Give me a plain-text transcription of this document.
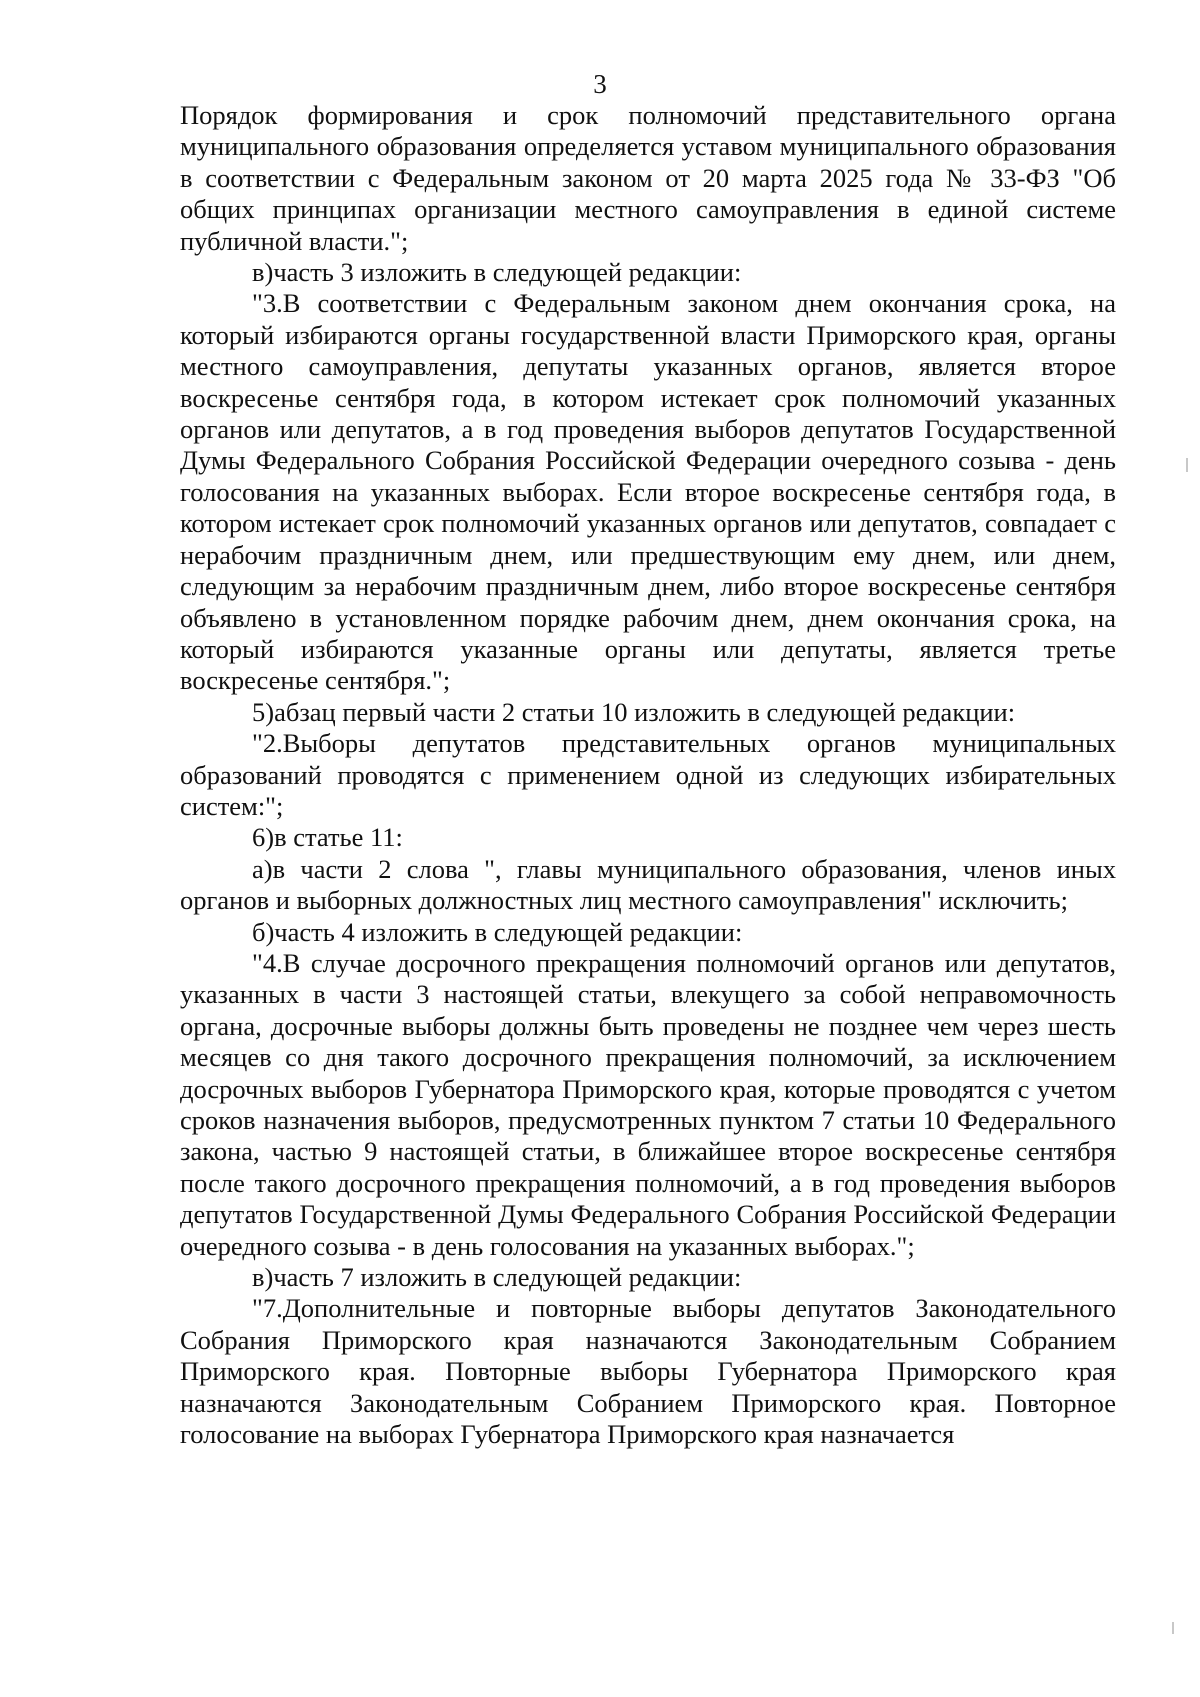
3

Порядок формирования и срок полномочий представительного органа муниципального образования определяется уставом муниципального образования в соответствии с Федеральным законом от 20 марта 2025 года № 33-ФЗ "Об общих принципах организации местного самоуправления в единой системе публичной власти.";

в)часть 3 изложить в следующей редакции:

"3.В соответствии с Федеральным законом днем окончания срока, на который избираются органы государственной власти Приморского края, органы местного самоуправления, депутаты указанных органов, является второе воскресенье сентября года, в котором истекает срок полномочий указанных органов или депутатов, а в год проведения выборов депутатов Государственной Думы Федерального Собрания Российской Федерации очередного созыва - день голосования на указанных выборах. Если второе воскресенье сентября года, в котором истекает срок полномочий указанных органов или депутатов, совпадает с нерабочим праздничным днем, или предшествующим ему днем, или днем, следующим за нерабочим праздничным днем, либо второе воскресенье сентября объявлено в установленном порядке рабочим днем, днем окончания срока, на который избираются указанные органы или депутаты, является третье воскресенье сентября.";

5)абзац первый части 2 статьи 10 изложить в следующей редакции:

"2.Выборы депутатов представительных органов муниципальных образований проводятся с применением одной из следующих избирательных систем:";

6)в статье 11:

а)в части 2 слова ", главы муниципального образования, членов иных органов и выборных должностных лиц местного самоуправления" исключить;

б)часть 4 изложить в следующей редакции:

"4.В случае досрочного прекращения полномочий органов или депутатов, указанных в части 3 настоящей статьи, влекущего за собой неправомочность органа, досрочные выборы должны быть проведены не позднее чем через шесть месяцев со дня такого досрочного прекращения полномочий, за исключением досрочных выборов Губернатора Приморского края, которые проводятся с учетом сроков назначения выборов, предусмотренных пунктом 7 статьи 10 Федерального закона, частью 9 настоящей статьи, в ближайшее второе воскресенье сентября после такого досрочного прекращения полномочий, а в год проведения выборов депутатов Государственной Думы Федерального Собрания Российской Федерации очередного созыва - в день голосования на указанных выборах.";

в)часть 7 изложить в следующей редакции:

"7.Дополнительные и повторные выборы депутатов Законодательного Собрания Приморского края назначаются Законодательным Собранием Приморского края. Повторные выборы Губернатора Приморского края назначаются Законодательным Собранием Приморского края. Повторное голосование на выборах Губернатора Приморского края назначается
